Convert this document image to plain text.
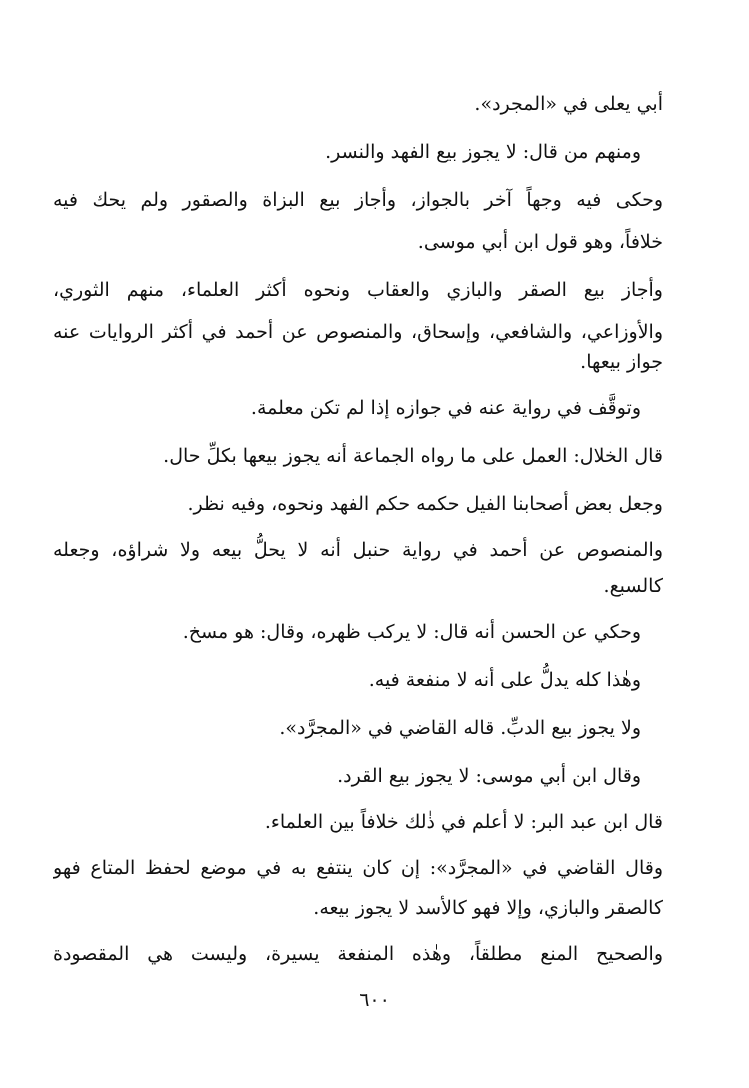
أبي يعلى في «المجرد».
ومنهم من قال: لا يجوز بيع الفهد والنسر.
وحكى فيه وجهاً آخر بالجواز، وأجاز بيع البزاة والصقور ولم يحك فيه
خلافاً، وهو قول ابن أبي موسى.
وأجاز بيع الصقر والبازي والعقاب ونحوه أكثر العلماء، منهم الثوري،
والأوزاعي، والشافعي، وإسحاق، والمنصوص عن أحمد في أكثر الروايات عنه
جواز بيعها.
وتوقَّف في رواية عنه في جوازه إذا لم تكن معلمة.
قال الخلال: العمل على ما رواه الجماعة أنه يجوز بيعها بكلِّ حال.
وجعل بعض أصحابنا الفيل حكمه حكم الفهد ونحوه، وفيه نظر.
والمنصوص عن أحمد في رواية حنبل أنه لا يحلُّ بيعه ولا شراؤه، وجعله
كالسبع.
وحكي عن الحسن أنه قال: لا يركب ظهره، وقال: هو مسخ.
وهٰذا كله يدلُّ على أنه لا منفعة فيه.
ولا يجوز بيع الدبِّ. قاله القاضي في «المجرَّد».
وقال ابن أبي موسى: لا يجوز بيع القرد.
قال ابن عبد البر: لا أعلم في ذٰلك خلافاً بين العلماء.
وقال القاضي في «المجرَّد»: إن كان ينتفع به في موضع لحفظ المتاع فهو
كالصقر والبازي، وإلا فهو كالأسد لا يجوز بيعه.
والصحيح المنع مطلقاً، وهٰذه المنفعة يسيرة، وليست هي المقصودة
٦٠٠
